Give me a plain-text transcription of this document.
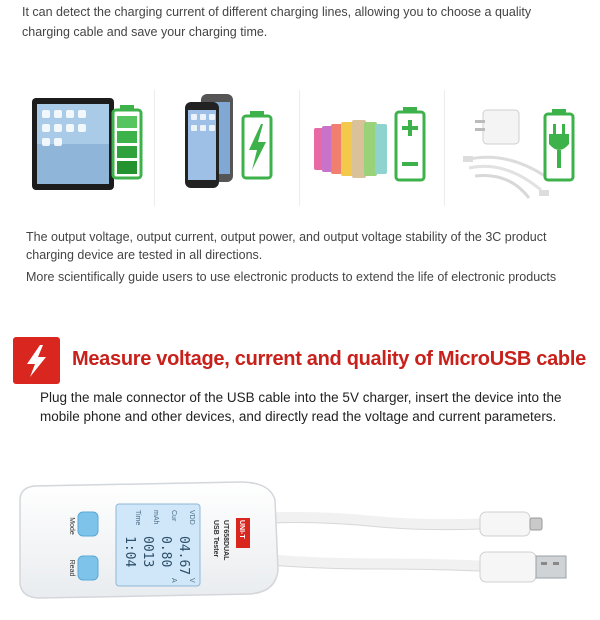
It can detect the charging current of different charging lines, allowing you to choose a quality charging cable and save your charging time.

The output voltage, output current, output power, and output voltage stability of the 3C product charging device are tested in all directions.

More scientifically guide users to use electronic products to extend the life of electronic products

Measure voltage, current and quality of MicroUSB cable

Plug the male connector of the USB cable into the 5V charger, insert the device into the mobile phone and other devices, and directly read the voltage and current parameters.

Mode
Read
VDD
Cur
mAh
Time
04.67
0.80
0013
1:04
V
A
UNI-T
UT658DUAL
USB Tester
